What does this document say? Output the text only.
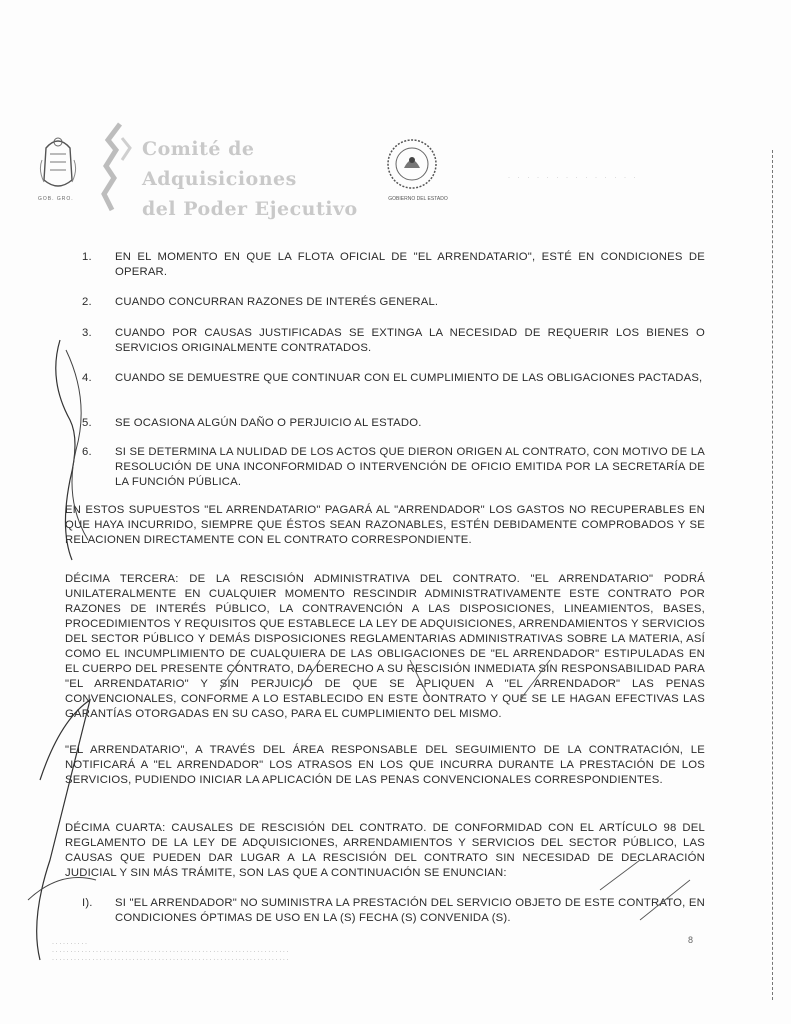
GOB. GRO.
Comité de
Adquisiciones
del Poder Ejecutivo	GOBIERNO DEL ESTADO
· · · · · · · · · · · · · ·
1.	EN EL MOMENTO EN QUE LA FLOTA OFICIAL DE "EL ARRENDATARIO", ESTÉ EN CONDICIONES DE OPERAR.
2.	CUANDO CONCURRAN RAZONES DE INTERÉS GENERAL.
3.	CUANDO POR CAUSAS JUSTIFICADAS SE EXTINGA LA NECESIDAD DE REQUERIR LOS BIENES O SERVICIOS ORIGINALMENTE CONTRATADOS.
4.	CUANDO SE DEMUESTRE QUE CONTINUAR CON EL CUMPLIMIENTO DE LAS OBLIGACIONES PACTADAS,
5.	SE OCASIONA ALGÚN DAÑO O PERJUICIO AL ESTADO.
6.	SI SE DETERMINA LA NULIDAD DE LOS ACTOS QUE DIERON ORIGEN AL CONTRATO, CON MOTIVO DE LA RESOLUCIÓN DE UNA INCONFORMIDAD O INTERVENCIÓN DE OFICIO EMITIDA POR LA SECRETARÍA DE LA FUNCIÓN PÚBLICA.
EN ESTOS SUPUESTOS "EL ARRENDATARIO" PAGARÁ AL "ARRENDADOR" LOS GASTOS NO RECUPERABLES EN QUE HAYA INCURRIDO, SIEMPRE QUE ÉSTOS SEAN RAZONABLES, ESTÉN DEBIDAMENTE COMPROBADOS Y SE RELACIONEN DIRECTAMENTE CON EL CONTRATO CORRESPONDIENTE.
DÉCIMA TERCERA: DE LA RESCISIÓN ADMINISTRATIVA DEL CONTRATO. "EL ARRENDATARIO" PODRÁ UNILATERALMENTE EN CUALQUIER MOMENTO RESCINDIR ADMINISTRATIVAMENTE ESTE CONTRATO POR RAZONES DE INTERÉS PÚBLICO, LA CONTRAVENCIÓN A LAS DISPOSICIONES, LINEAMIENTOS, BASES, PROCEDIMIENTOS Y REQUISITOS QUE ESTABLECE LA LEY DE ADQUISICIONES, ARRENDAMIENTOS Y SERVICIOS DEL SECTOR PÚBLICO Y DEMÁS DISPOSICIONES REGLAMENTARIAS ADMINISTRATIVAS SOBRE LA MATERIA, ASÍ COMO EL INCUMPLIMIENTO DE CUALQUIERA DE LAS OBLIGACIONES DE "EL ARRENDADOR" ESTIPULADAS EN EL CUERPO DEL PRESENTE CONTRATO, DA DERECHO A SU RESCISIÓN INMEDIATA SIN RESPONSABILIDAD PARA "EL ARRENDATARIO" Y SIN PERJUICIO DE QUE SE APLIQUEN A "EL ARRENDADOR" LAS PENAS CONVENCIONALES, CONFORME A LO ESTABLECIDO EN ESTE CONTRATO Y QUE SE LE HAGAN EFECTIVAS LAS GARANTÍAS OTORGADAS EN SU CASO, PARA EL CUMPLIMIENTO DEL MISMO.
"EL ARRENDATARIO", A TRAVÉS DEL ÁREA RESPONSABLE DEL SEGUIMIENTO DE LA CONTRATACIÓN, LE NOTIFICARÁ A "EL ARRENDADOR" LOS ATRASOS EN LOS QUE INCURRA DURANTE LA PRESTACIÓN DE LOS SERVICIOS, PUDIENDO INICIAR LA APLICACIÓN DE LAS PENAS CONVENCIONALES CORRESPONDIENTES.
DÉCIMA CUARTA: CAUSALES DE RESCISIÓN DEL CONTRATO. DE CONFORMIDAD CON EL ARTÍCULO 98 DEL REGLAMENTO DE LA LEY DE ADQUISICIONES, ARRENDAMIENTOS Y SERVICIOS DEL SECTOR PÚBLICO, LAS CAUSAS QUE PUEDEN DAR LUGAR A LA RESCISIÓN DEL CONTRATO SIN NECESIDAD DE DECLARACIÓN JUDICIAL Y SIN MÁS TRÁMITE, SON LAS QUE A CONTINUACIÓN SE ENUNCIAN:
I).	SI "EL ARRENDADOR" NO SUMINISTRA LA PRESTACIÓN DEL SERVICIO OBJETO DE ESTE CONTRATO, EN CONDICIONES ÓPTIMAS DE USO EN LA (S) FECHA (S) CONVENIDA (S).
8
· · · · · · · · · ·
· · · · · · · · · · · · · · · · · · · · · · · · · · · · · · · · · · · · · · · · · · · · · · · · · · · · · · · · · · · · · · · · ·
· · · · · · · · · · · · · · · · · · · · · · · · · · · · · · · · · · · · · · · · · · · · · · · · · · · · · · · · · · · · · · · · ·
